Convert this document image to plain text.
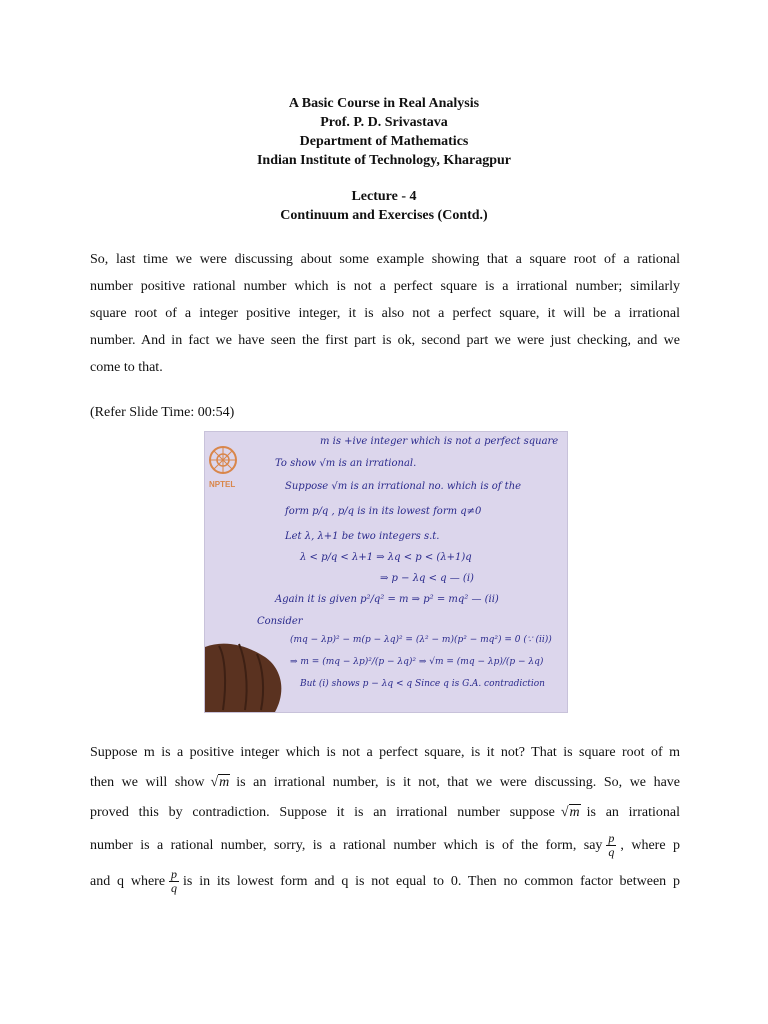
A Basic Course in Real Analysis
Prof. P. D. Srivastava
Department of Mathematics
Indian Institute of Technology, Kharagpur
Lecture - 4
Continuum and Exercises (Contd.)
So, last time we were discussing about some example showing that a square root of a rational
number positive rational number which is not a perfect square is a irrational number; similarly
square root of a integer positive integer, it is also not a perfect square, it will be a irrational
number. And in fact we have seen the first part is ok, second part we were just checking, and we
come to that.
(Refer Slide Time: 00:54)
NPTEL
m is +ive integer which is not a perfect square
To show √m is an irrational.
Suppose √m is an irrational no. which is of the
form p/q , p/q is in its lowest form q≠0
Let λ, λ+1 be two integers s.t.
λ < p/q < λ+1 ⇒ λq < p < (λ+1)q
⇒ p − λq < q — (i)
Again it is given p²/q² = m ⇒ p² = mq² — (ii)
Consider
(mq − λp)² − m(p − λq)² = (λ² − m)(p² − mq²) = 0 (∵ (ii))
⇒ m = (mq − λp)²/(p − λq)² ⇒ √m = (mq − λp)/(p − λq)
But (i) shows p − λq < q Since q is G.A. contradiction
Suppose m is a positive integer which is not a perfect square, is it not? That is square root of m
then we will show √m is an irrational number, is it not, that we were discussing. So, we have
proved this by contradiction. Suppose it is an irrational number suppose √m is an irrational
number is a rational number, sorry, is a rational number which is of the form, say $\frac{p}{q}$ , where p
and q where $\frac{p}{q}$ is in its lowest form and q is not equal to 0. Then no common factor between p
